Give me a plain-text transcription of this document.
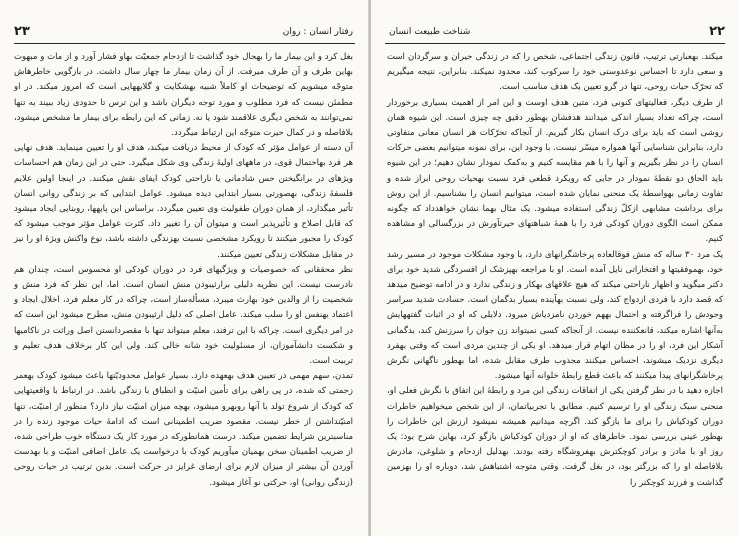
۲۳	رفتار انسان : روان

بغل کرد و این بیمار ما را بهحال خود گذاشت تا ازدحام جمعیّت بهاو فشار آورد و از مات و مبهوت بهاین طرف و آن طرف میرفت. از آن زمان بیمار ما چهار سال داشت. در بازگویی خاطرهاش متوجّه میشویم که توضیحات او کاملاً شبیه بهشکایت و گلایههایی است که امروز میکند. در او مطمئن نیست که فرد مطلوب و مورد توجه دیگران باشد و این ترس تا حدودی زیاد ببیند به تنها نمی‌توانند به شخص دیگری علاقمند شود یا نه. زمانی که این رابطه برای بیمار ما مشخص میشود، بلافاصله و در کمال حیرت متوجّه این ارتباط میگردد.

آن دسته از عوامل مؤثر که کودک از محیط دریافت میکند، هدف او را تعیین مینماید. هدف نهایی هر فرد بهاحتمال قوی، در ماههای اولیهٔ زندگی وی شکل میگیرد. حتی در این زمان هم احساسات ویژهای در برانگیختن حس شادمانی یا ناراحتی کودک ایفای نقش میکنند. در اینجا اولین علایم فلسفهٔ زندگی، بهصورتی بسیار ابتدایی دیده میشود. عوامل ابتدایی که بر زندگی روانی انسان تأثیر میگذارد، از همان دوران طفولیت وی تعیین میگردد. براساس این پایهها، روبنایی ایجاد میشود که قابل اصلاح و تأثیرپذیر است و میتوان آن را تغییر داد. کثرت عوامل مؤثر موجب میشود که کودک را مجبور میکنند تا رویکرد مشخصی نسبت بهزندگی داشته باشد، نوع واکنش ویژهٔ او را نیز در مقابل مشکلات زندگی تعیین میکنند.

نظر محققانی که خصوصیات و ویژگیهای فرد در دوران کودکی او محسوس است، چندان هم نادرست نیست. این نظریه دلیلی برارثیبودن منش انسان است. اما، این نظر که فرد منش و شخصیت را از والدین خود بهارث میبرد، مسأله‌ساز است، چراکه در کار معلم فرد، اخلال ایجاد و اعتماد بهنفس او را سلب میکند. عامل اصلی که دلیل ارثیبودن منش، مطرح میشود این است که در امر دیگری است. چراکه با این ترفند، معلم میتواند تنها با مقصردانستن اصل وراثت در ناکامیها و شکست دانشآموزان، از مسئولیت خود شانه خالی کند. ولی این کار برخلاف هدف تعلیم و تربیت است.

تمدن، سهم مهمی در تعیین هدف بهعهده دارد. بسیار عوامل محدودیّتها باعث میشود کودک بهعمر زحمتی که شده، در پی راهی برای تأمین امنیّت و انطباق با زندگی باشد. در ارتباط با واقعیتهایی که کودک از شروع تولد با آنها روبهرو میشود، بهچه میزان امنیّت نیاز دارد؟ منظور از امنیّت، تنها امنیّتداشتن از خطر نیست. مقصود ضریب اطمینانی است که ادامهٔ حیات موجود زنده را در مناسبترین شرایط تضمین میکند. درست همانطورکه در مورد کار یک دستگاه خوب طراحی شده، از ضریب اطمینان سخن بهمیان میآوریم کودک با درخواست یک عامل اضافی امنیّت و با بهدست آوردن آن بیشتر از میزان لازم برای ارضای غرایز در حرکت است. بدین ترتیب در حیات روحی (زندگی روانی) او، حرکتی نو آغاز میشود.

شناخت طبیعت انسان	۲۲

میکند. بهعبارتی ترتیب، قانون زندگی اجتماعی، شخص را که در زندگی حیران و سرگردان است و سعی دارد تا احساس نوعدوستی خود را سرکوب کند، محدود نمیکند. بنابراین، نتیجه میگیریم که تحرّک حیات روحی، تنها در گرو تعیین یک هدف مناسب است.

از طرف دیگر، فعالیتهای کنونی فرد، متین هدف اوست و این امر از اهمیت بسیاری برخوردار است، چراکه تعداد بسیار اندکی میدانند هدفشان بهطور دقیق چه چیزی است. این شیوه همان روشی است که باید برای درک انسان بکار گیریم. از آنجاکه تحرّکات هر انسان معانی متفاوتی دارد، بنابراین شناسایی آنها همواره میسّر نیست. با وجود این، برای نمونه میتوانیم بعضی حرکات انسان را در نظر بگیریم و آنها را با هم مقایسه کنیم و به‌کمک نمودار نشان دهیم؛ در این شیوه باید الحاق دو نقطهٔ نمودار در جایی که رویکرد قطعی فرد نسبت بهحیات روحی ابراز شده و تفاوت زمانی بهواسطهٔ یک منحنی نمایان شده است، میتوانیم انسان را بشناسیم. از این روش برای برداشت مشابهی ازکلّ زندگی استفاده میشود. یک مثال بهما نشان خواهدداد که چگونه ممکن است الگوی دوران کودکی فرد را با همهٔ شباهتهای حیرتآورش در بزرگسالی او مشاهده کنیم.

یک مرد ۳۰ ساله که منش فوقالعاده پرخاشگرانهای دارد، با وجود مشکلات موجود در مسیر رشد خود، بهموفقیتها و افتخاراتی نایل آمده است. او با مراجعه بهپزشک از افسردگی شدید خود برای دکتر میگوید و اظهار ناراحتی میکند که هیچ علاقهای بهکار و زندگی ندارد و در ادامه توضیح میدهد که قصد دارد با فردی ازدواج کند، ولی نسبت بهآینده بسیار بدگمان است. حسادت شدید سراسر وجودش را فراگرفته و احتمال بههم خوردن نامزدیاش میرود. دلایلی که او در اثبات گفتههایش به‌آنها اشاره میکند، قانعکننده نیست. از آنجاکه کسی نمیتواند زن جوان را سرزنش کند، بدگمانی آشکار این فرد، او را در مظان اتهام قرار میدهد. او یکی از چندین مردی است که وقتی بهفرد دیگری نزدیک میشوند، احساس میکنند مجذوب طرف مقابل شده، اما بهطور ناگهانی نگرش پرخاشگرانهای پیدا میکنند که باعث قطع رابطهٔ خلوانه آنها میشود.

اجازه دهید با در نظر گرفتن یکی از اتفاقات زندگی این مرد و رابطهٔ این اتفاق با نگرش فعلی او، منحنی سبک زندگی او را ترسیم کنیم. مطابق با تجربیاتمان، از این شخص میخواهیم خاطرات دوران کودکیاش را برای ما بازگو کند. اگرچه میدانیم همیشه نمیشود ارزش این خاطرات را بهطور عینی بررسی نمود. خاطرهای که او از دوران کودکیاش بازگو کرد، بهاین شرح بود: یک روز او با مادر و برادر کوچکترش بهفروشگاه رفته بودند. بهدلیل ازدحام و شلوغی، مادرش بلافاصله او را که بزرگتر بود، در بغل گرفت. وقتی متوجه اشتباهش شد، دوباره او را بهزمین گذاشت و فرزند کوچکتر را
